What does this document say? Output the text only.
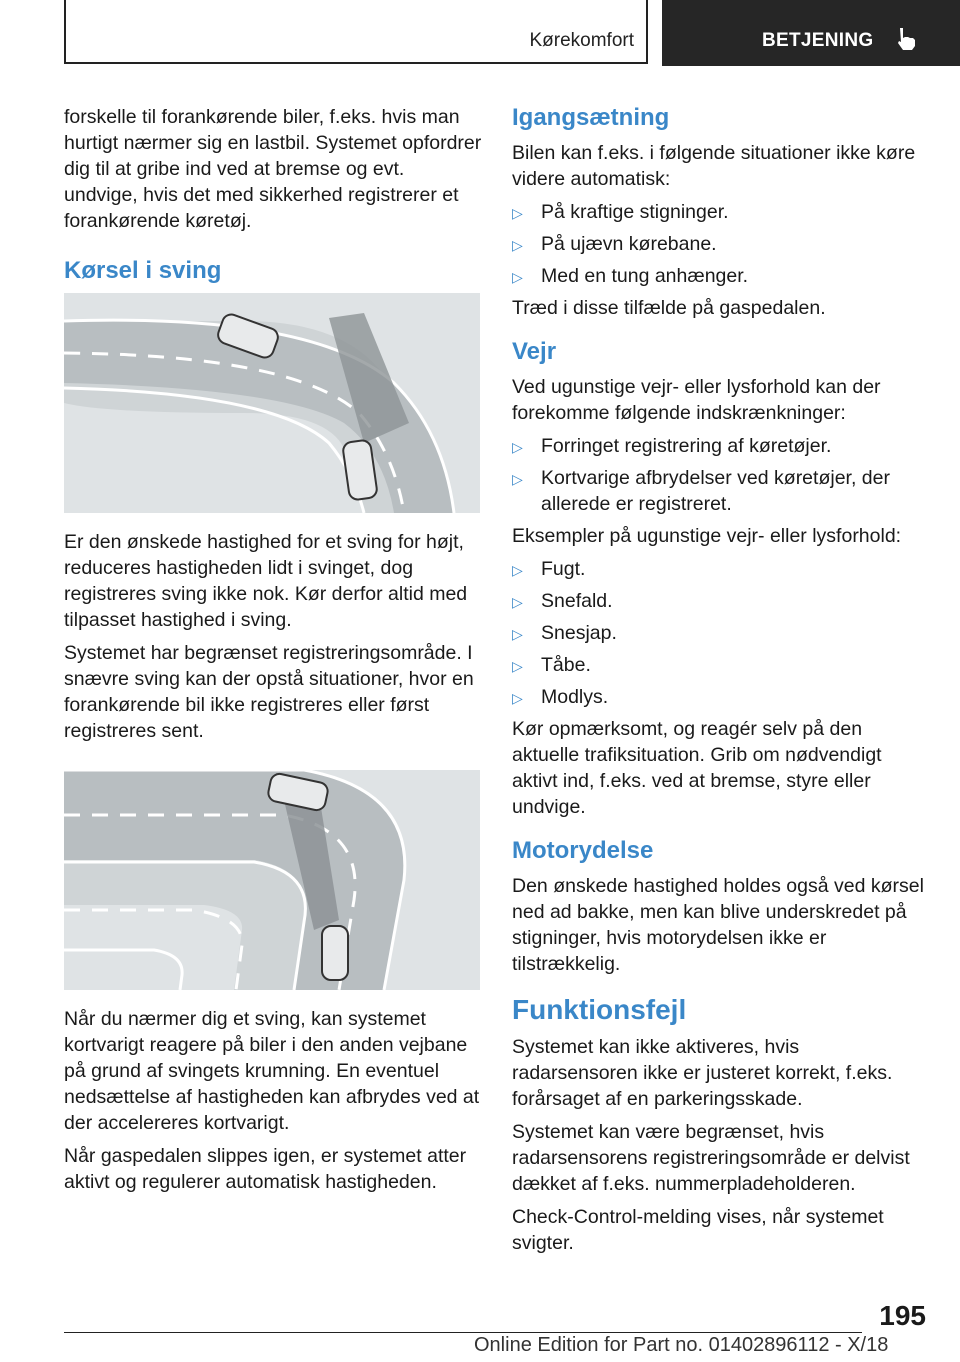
Kørekomfort	BETJENING

forskelle til forankørende biler, f.eks. hvis man hurtigt nærmer sig en lastbil. Systemet opfordrer dig til at gribe ind ved at bremse og evt. undvige, hvis det med sikkerhed registrerer et forankørende køretøj.

Kørsel i sving

Er den ønskede hastighed for et sving for højt, reduceres hastigheden lidt i svinget, dog registreres sving ikke nok. Kør derfor altid med tilpasset hastighed i sving.

Systemet har begrænset registreringsområde. I snævre sving kan der opstå situationer, hvor en forankørende bil ikke registreres eller først registreres sent.

Når du nærmer dig et sving, kan systemet kortvarigt reagere på biler i den anden vejbane på grund af svingets krumning. En eventuel nedsættelse af hastigheden kan afbrydes ved at der accelereres kortvarigt.

Når gaspedalen slippes igen, er systemet atter aktivt og regulerer automatisk hastigheden.

Igangsætning

Bilen kan f.eks. i følgende situationer ikke køre videre automatisk:

▷ På kraftige stigninger.
▷ På ujævn kørebane.
▷ Med en tung anhænger.

Træd i disse tilfælde på gaspedalen.

Vejr

Ved ugunstige vejr- eller lysforhold kan der forekomme følgende indskrænkninger:

▷ Forringet registrering af køretøjer.
▷ Kortvarige afbrydelser ved køretøjer, der allerede er registreret.

Eksempler på ugunstige vejr- eller lysforhold:

▷ Fugt.
▷ Snefald.
▷ Snesjap.
▷ Tåbe.
▷ Modlys.

Kør opmærksomt, og reagér selv på den aktuelle trafiksituation. Grib om nødvendigt aktivt ind, f.eks. ved at bremse, styre eller undvige.

Motorydelse

Den ønskede hastighed holdes også ved kørsel ned ad bakke, men kan blive underskredet på stigninger, hvis motorydelsen ikke er tilstrækkelig.

Funktionsfejl

Systemet kan ikke aktiveres, hvis radarsensoren ikke er justeret korrekt, f.eks. forårsaget af en parkeringsskade.

Systemet kan være begrænset, hvis radarsensorens registreringsområde er delvist dækket af f.eks. nummerpladeholderen.

Check-Control-melding vises, når systemet svigter.

195
Online Edition for Part no. 01402896112 - X/18
